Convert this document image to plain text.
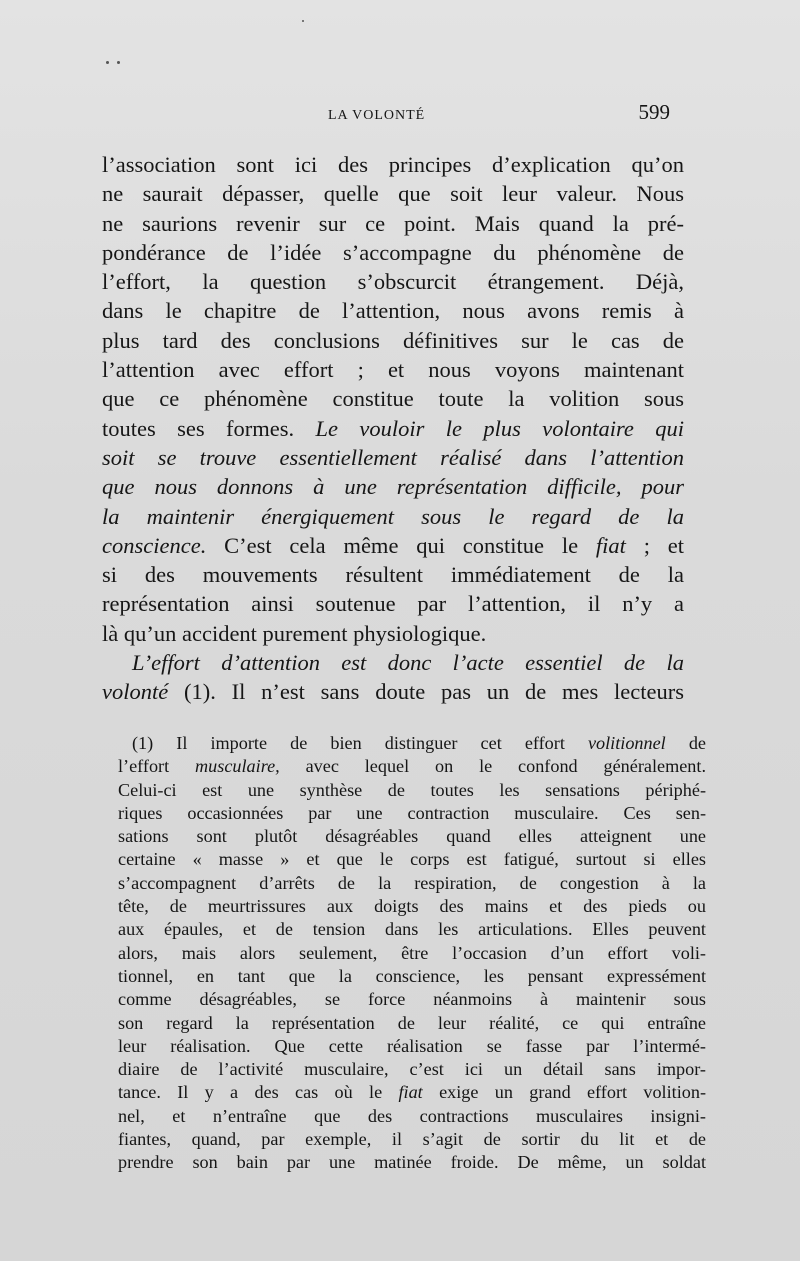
LA VOLONTÉ	599
l’association sont ici des principes d’explication qu’on
ne saurait dépasser, quelle que soit leur valeur. Nous
ne saurions revenir sur ce point. Mais quand la pré-
pondérance de l’idée s’accompagne du phénomène de
l’effort, la question s’obscurcit étrangement. Déjà,
dans le chapitre de l’attention, nous avons remis à
plus tard des conclusions définitives sur le cas de
l’attention avec effort ; et nous voyons maintenant
que ce phénomène constitue toute la volition sous
toutes ses formes. Le vouloir le plus volontaire qui
soit se trouve essentiellement réalisé dans l’attention
que nous donnons à une représentation difficile, pour
la maintenir énergiquement sous le regard de la
conscience. C’est cela même qui constitue le fiat ; et
si des mouvements résultent immédiatement de la
représentation ainsi soutenue par l’attention, il n’y a
là qu’un accident purement physiologique.
L’effort d’attention est donc l’acte essentiel de la
volonté (1). Il n’est sans doute pas un de mes lecteurs
(1) Il importe de bien distinguer cet effort volitionnel de
l’effort musculaire, avec lequel on le confond généralement.
Celui-ci est une synthèse de toutes les sensations périphé-
riques occasionnées par une contraction musculaire. Ces sen-
sations sont plutôt désagréables quand elles atteignent une
certaine « masse » et que le corps est fatigué, surtout si elles
s’accompagnent d’arrêts de la respiration, de congestion à la
tête, de meurtrissures aux doigts des mains et des pieds ou
aux épaules, et de tension dans les articulations. Elles peuvent
alors, mais alors seulement, être l’occasion d’un effort voli-
tionnel, en tant que la conscience, les pensant expressément
comme désagréables, se force néanmoins à maintenir sous
son regard la représentation de leur réalité, ce qui entraîne
leur réalisation. Que cette réalisation se fasse par l’intermé-
diaire de l’activité musculaire, c’est ici un détail sans impor-
tance. Il y a des cas où le fiat exige un grand effort volition-
nel, et n’entraîne que des contractions musculaires insigni-
fiantes, quand, par exemple, il s’agit de sortir du lit et de
prendre son bain par une matinée froide. De même, un soldat
